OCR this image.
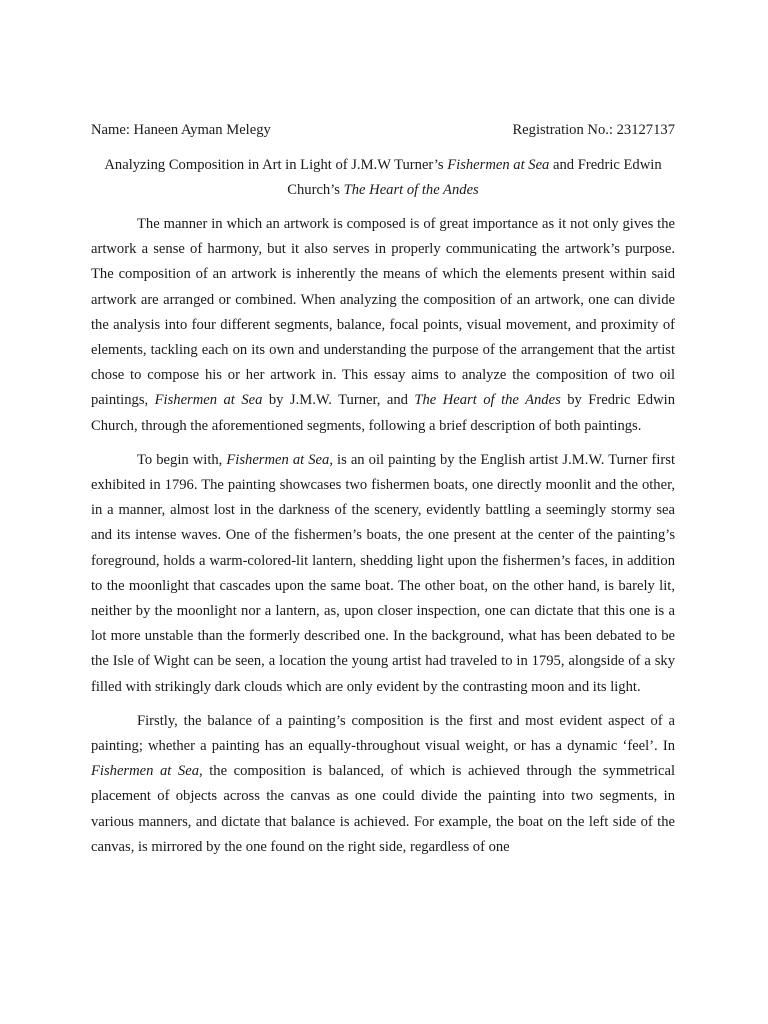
Name: Haneen Ayman Melegy	Registration No.: 23127137
Analyzing Composition in Art in Light of J.M.W Turner’s Fishermen at Sea and Fredric Edwin Church’s The Heart of the Andes

The manner in which an artwork is composed is of great importance as it not only gives the artwork a sense of harmony, but it also serves in properly communicating the artwork’s purpose. The composition of an artwork is inherently the means of which the elements present within said artwork are arranged or combined. When analyzing the composition of an artwork, one can divide the analysis into four different segments, balance, focal points, visual movement, and proximity of elements, tackling each on its own and understanding the purpose of the arrangement that the artist chose to compose his or her artwork in. This essay aims to analyze the composition of two oil paintings, Fishermen at Sea by J.M.W. Turner, and The Heart of the Andes by Fredric Edwin Church, through the aforementioned segments, following a brief description of both paintings.

To begin with, Fishermen at Sea, is an oil painting by the English artist J.M.W. Turner first exhibited in 1796. The painting showcases two fishermen boats, one directly moonlit and the other, in a manner, almost lost in the darkness of the scenery, evidently battling a seemingly stormy sea and its intense waves. One of the fishermen’s boats, the one present at the center of the painting’s foreground, holds a warm-colored-lit lantern, shedding light upon the fishermen’s faces, in addition to the moonlight that cascades upon the same boat. The other boat, on the other hand, is barely lit, neither by the moonlight nor a lantern, as, upon closer inspection, one can dictate that this one is a lot more unstable than the formerly described one. In the background, what has been debated to be the Isle of Wight can be seen, a location the young artist had traveled to in 1795, alongside of a sky filled with strikingly dark clouds which are only evident by the contrasting moon and its light.

Firstly, the balance of a painting’s composition is the first and most evident aspect of a painting; whether a painting has an equally-throughout visual weight, or has a dynamic ‘feel’. In Fishermen at Sea, the composition is balanced, of which is achieved through the symmetrical placement of objects across the canvas as one could divide the painting into two segments, in various manners, and dictate that balance is achieved. For example, the boat on the left side of the canvas, is mirrored by the one found on the right side, regardless of one
